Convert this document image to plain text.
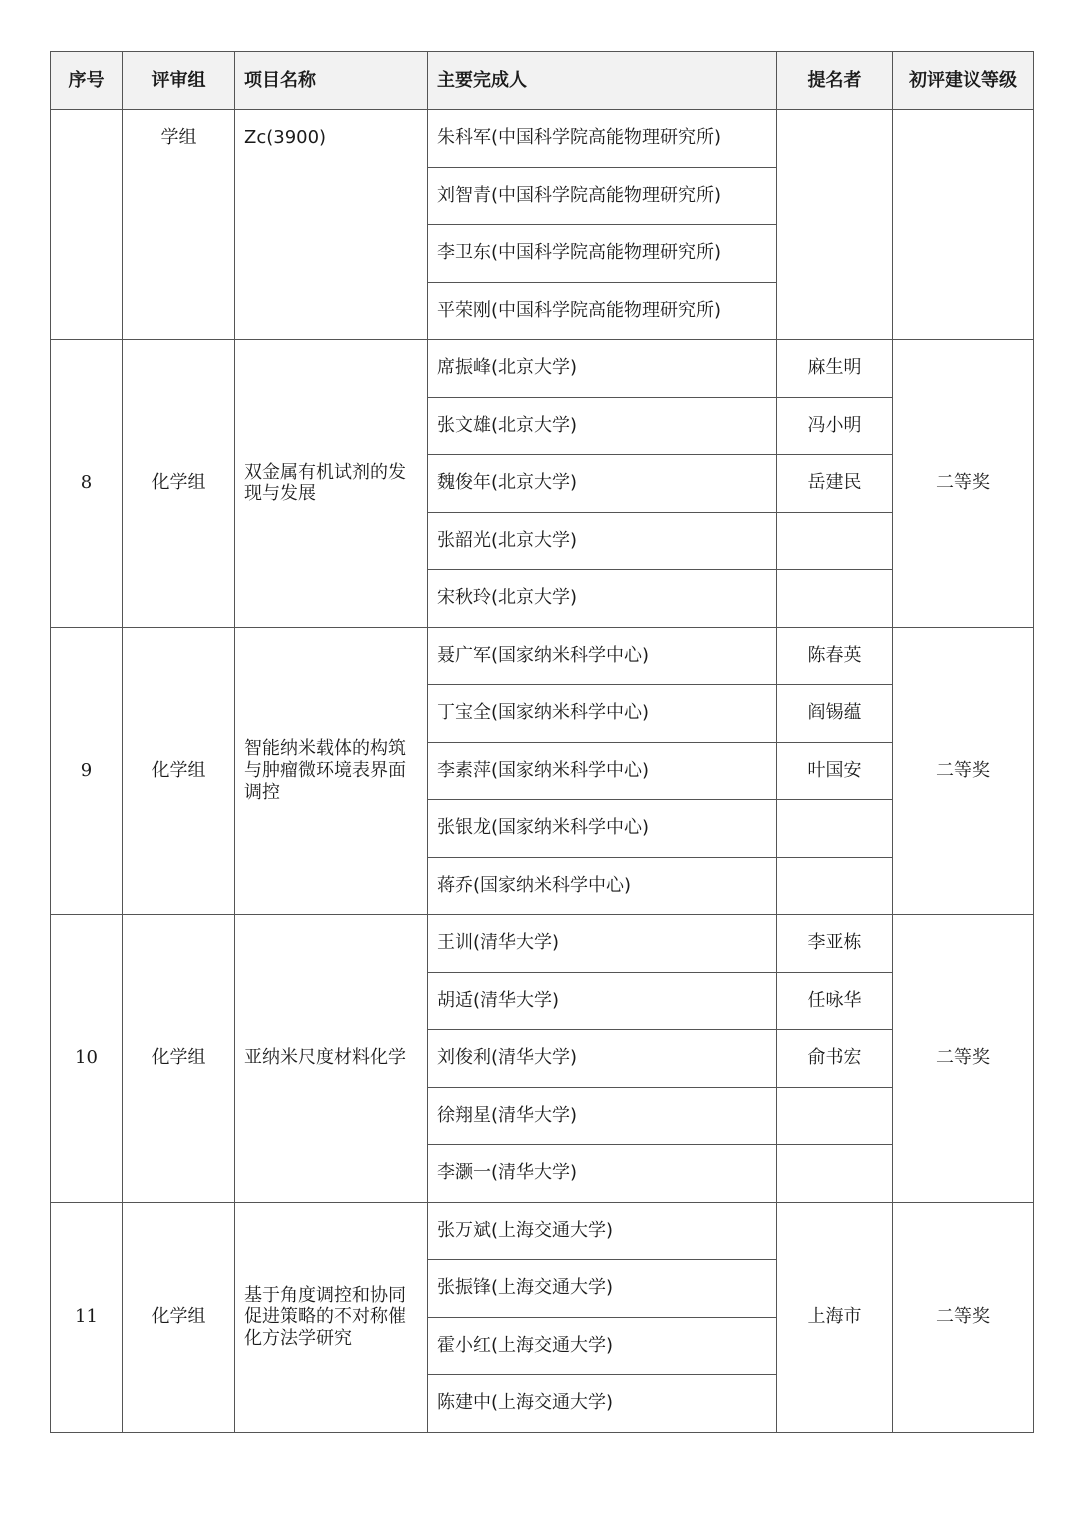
序号	评审组	项目名称	主要完成人	提名者	初评建议等级
	学组	Zc(3900)	朱科军(中国科学院高能物理研究所)		
			刘智青(中国科学院高能物理研究所)		
			李卫东(中国科学院高能物理研究所)		
			平荣刚(中国科学院高能物理研究所)		
8	化学组	双金属有机试剂的发现与发展	席振峰(北京大学)	麻生明	二等奖
			张文雄(北京大学)	冯小明	
			魏俊年(北京大学)	岳建民	
			张韶光(北京大学)		
			宋秋玲(北京大学)		
9	化学组	智能纳米载体的构筑与肿瘤微环境表界面调控	聂广军(国家纳米科学中心)	陈春英	二等奖
			丁宝全(国家纳米科学中心)	阎锡蕴	
			李素萍(国家纳米科学中心)	叶国安	
			张银龙(国家纳米科学中心)		
			蒋乔(国家纳米科学中心)		
10	化学组	亚纳米尺度材料化学	王训(清华大学)	李亚栋	二等奖
			胡适(清华大学)	任咏华	
			刘俊利(清华大学)	俞书宏	
			徐翔星(清华大学)		
			李灏一(清华大学)		
11	化学组	基于角度调控和协同促进策略的不对称催化方法学研究	张万斌(上海交通大学)	上海市	二等奖
			张振锋(上海交通大学)		
			霍小红(上海交通大学)		
			陈建中(上海交通大学)		
